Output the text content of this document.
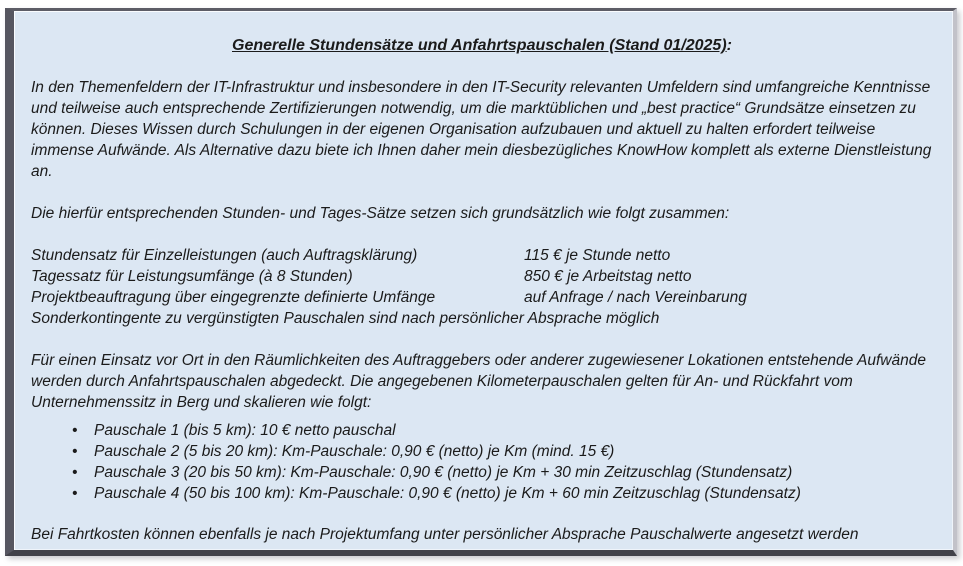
Generelle Stundensätze und Anfahrtspauschalen (Stand 01/2025):

In den Themenfeldern der IT-Infrastruktur und insbesondere in den IT-Security relevanten Umfeldern sind umfangreiche Kenntnisse und teilweise auch entsprechende Zertifizierungen notwendig, um die marktüblichen und „best practice“ Grundsätze einsetzen zu können. Dieses Wissen durch Schulungen in der eigenen Organisation aufzubauen und aktuell zu halten erfordert teilweise immense Aufwände. Als Alternative dazu biete ich Ihnen daher mein diesbezügliches KnowHow komplett als externe Dienstleistung an.

Die hierfür entsprechenden Stunden- und Tages-Sätze setzen sich grundsätzlich wie folgt zusammen:

Stundensatz für Einzelleistungen (auch Auftragsklärung)	115 € je Stunde netto
Tagessatz für Leistungsumfänge (à 8 Stunden)	850 € je Arbeitstag netto
Projektbeauftragung über eingegrenzte definierte Umfänge	auf Anfrage / nach Vereinbarung
Sonderkontingente zu vergünstigten Pauschalen sind nach persönlicher Absprache möglich

Für einen Einsatz vor Ort in den Räumlichkeiten des Auftraggebers oder anderer zugewiesener Lokationen entstehende Aufwände werden durch Anfahrtspauschalen abgedeckt. Die angegebenen Kilometerpauschalen gelten für An- und Rückfahrt vom Unternehmenssitz in Berg und skalieren wie folgt:

• Pauschale 1 (bis 5 km): 10 € netto pauschal
• Pauschale 2 (5 bis 20 km): Km-Pauschale: 0,90 € (netto) je Km (mind. 15 €)
• Pauschale 3 (20 bis 50 km): Km-Pauschale: 0,90 € (netto) je Km + 30 min Zeitzuschlag (Stundensatz)
• Pauschale 4 (50 bis 100 km): Km-Pauschale: 0,90 € (netto) je Km + 60 min Zeitzuschlag (Stundensatz)

Bei Fahrtkosten können ebenfalls je nach Projektumfang unter persönlicher Absprache Pauschalwerte angesetzt werden
